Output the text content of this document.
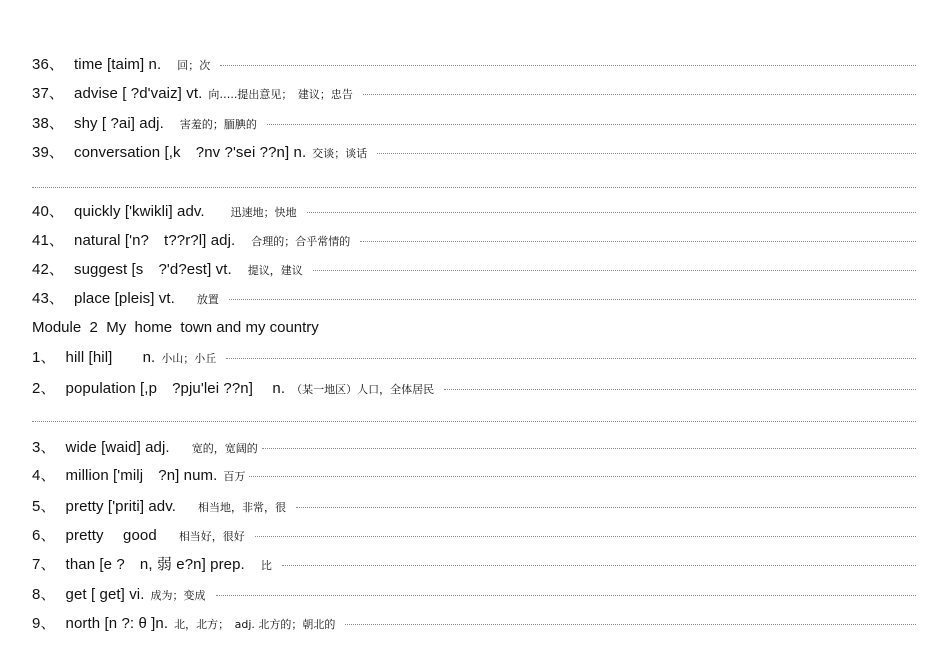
36、 time [taim] n. 回；次
37、 advise [ ?d'vaiz] vt. 向…..提出意见；　建议；忠告
38、 shy [ ?ai] adj. 害羞的；腼腆的
39、 conversation [,k　?nv ?'sei ??n] n. 交谈；谈话
40、 quickly ['kwikli] adv. 迅速地；快地
41、 natural ['n?　t??r?l] adj. 合理的；合乎常情的
42、 suggest [s　?'d?est] vt. 提议，建议
43、 place [pleis] vt. 放置
Module  2  My  home  town and my country
1、 hill [hil]　　n. 小山；小丘
2、 population [,p　?pju'lei ??n]　 n. （某一地区）人口，全体居民
3、 wide [waid] adj. 宽的，宽阔的
4、 million ['milj　?n] num. 百万
5、 pretty ['priti] adv. 相当地，非常，很
6、 pretty　 good 相当好，很好
7、 than [e ?　n, 弱 e?n] prep. 比
8、 get [ get] vi. 成为；变成
9、 north [n ?: θ ]n. 北，北方；　adj. 北方的；朝北的
